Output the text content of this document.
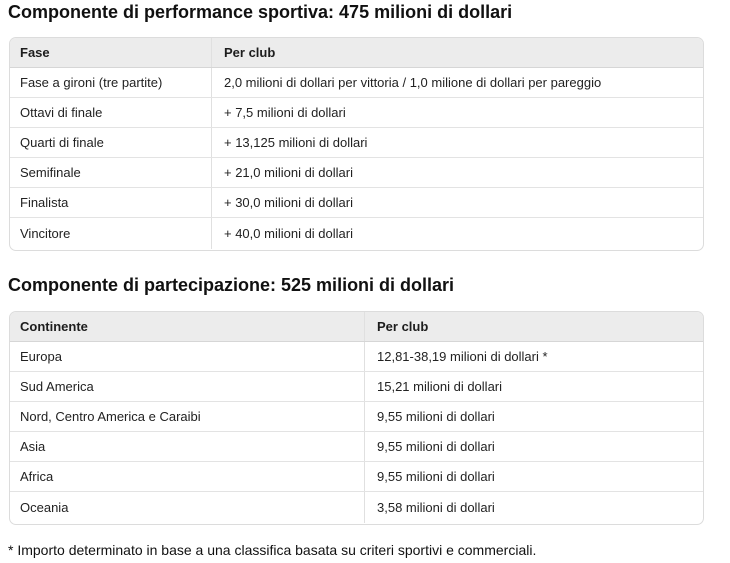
Componente di performance sportiva: 475 milioni di dollari
Fase	Per club
Fase a gironi (tre partite)	2,0 milioni di dollari per vittoria / 1,0 milione di dollari per pareggio
Ottavi di finale	+ 7,5 milioni di dollari
Quarti di finale	+ 13,125 milioni di dollari
Semifinale	+ 21,0 milioni di dollari
Finalista	+ 30,0 milioni di dollari
Vincitore	+ 40,0 milioni di dollari
Componente di partecipazione: 525 milioni di dollari
Continente	Per club
Europa	12,81-38,19 milioni di dollari *
Sud America	15,21 milioni di dollari
Nord, Centro America e Caraibi	9,55 milioni di dollari
Asia	9,55 milioni di dollari
Africa	9,55 milioni di dollari
Oceania	3,58 milioni di dollari

* Importo determinato in base a una classifica basata su criteri sportivi e commerciali.
